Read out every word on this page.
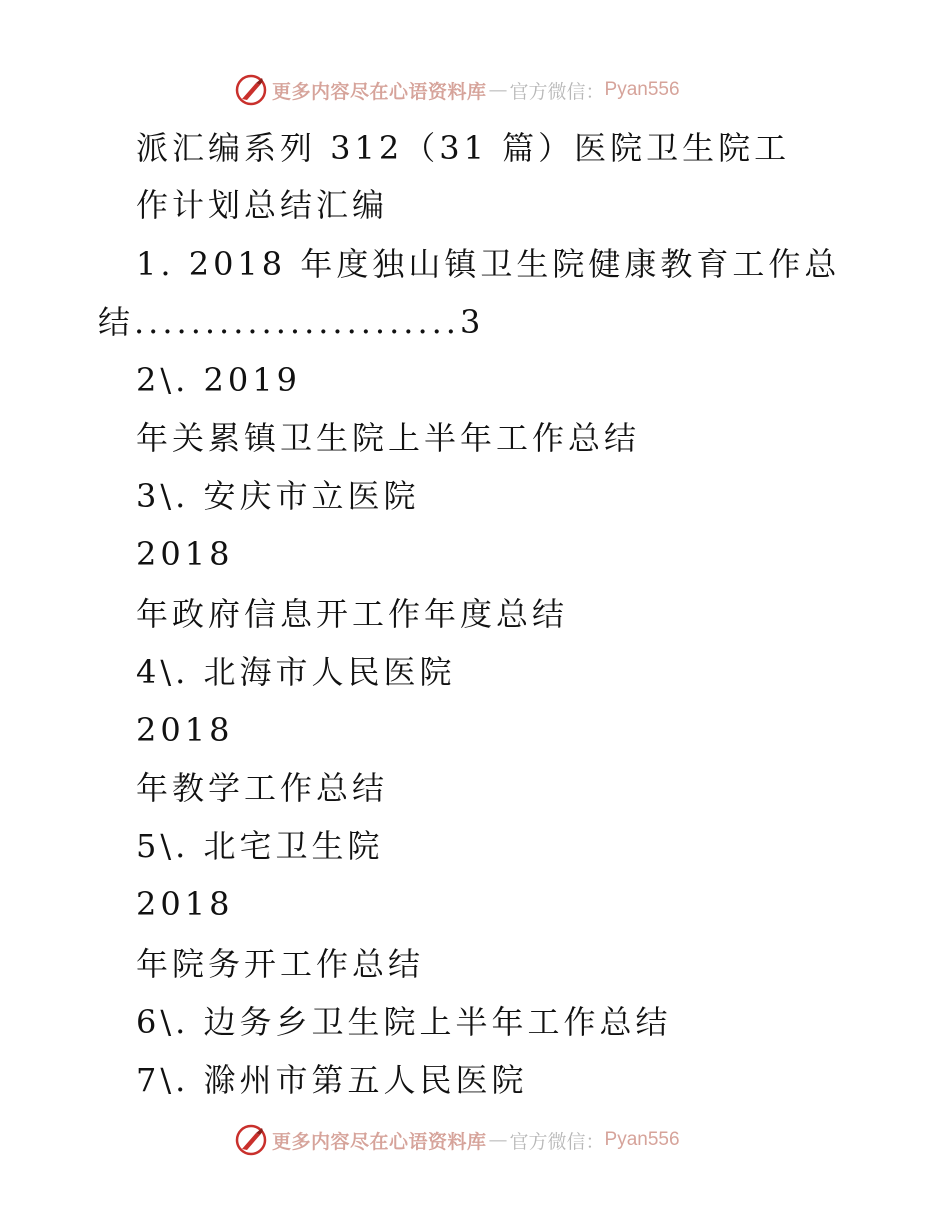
更多内容尽在心语资料库 — 官方微信： Pyan556
派汇编系列 312（31 篇）医院卫生院工
作计划总结汇编
1. 2018 年度独山镇卫生院健康教育工作总
结.......................3
2\. 2019
年关累镇卫生院上半年工作总结
3\. 安庆市立医院
2018
年政府信息开工作年度总结
4\. 北海市人民医院
2018
年教学工作总结
5\. 北宅卫生院
2018
年院务开工作总结
6\. 边务乡卫生院上半年工作总结
7\. 滁州市第五人民医院
更多内容尽在心语资料库 — 官方微信： Pyan556
